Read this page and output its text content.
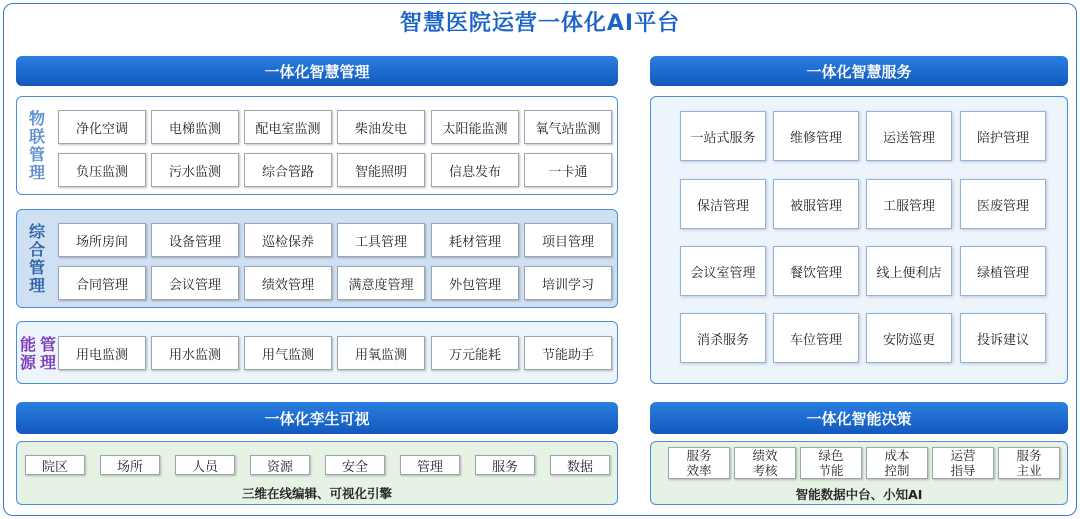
智慧医院运营一体化AI平台
一体化智慧管理
物
联
管
理
净化空调	电梯监测	配电室监测	柴油发电	太阳能监测	氧气站监测
负压监测	污水监测	综合管路	智能照明	信息发布	一卡通
综
合
管
理
场所房间	设备管理	巡检保养	工具管理	耗材管理	项目管理
合同管理	会议管理	绩效管理	满意度管理	外包管理	培训学习
能 管
源 理	用电监测	用水监测	用气监测	用氧监测	万元能耗	节能助手
一体化孪生可视
院区	场所	人员	资源	安全	管理	服务	数据
三维在线编辑、可视化引擎
一体化智慧服务
一站式服务	维修管理	运送管理	陪护管理
保洁管理	被服管理	工服管理	医废管理
会议室管理	餐饮管理	线上便利店	绿植管理
消杀服务	车位管理	安防巡更	投诉建议
一体化智能决策
服务
效率
绩效
考核
绿色
节能
成本
控制
运营
指导
服务
主业
智能数据中台、小知AI
